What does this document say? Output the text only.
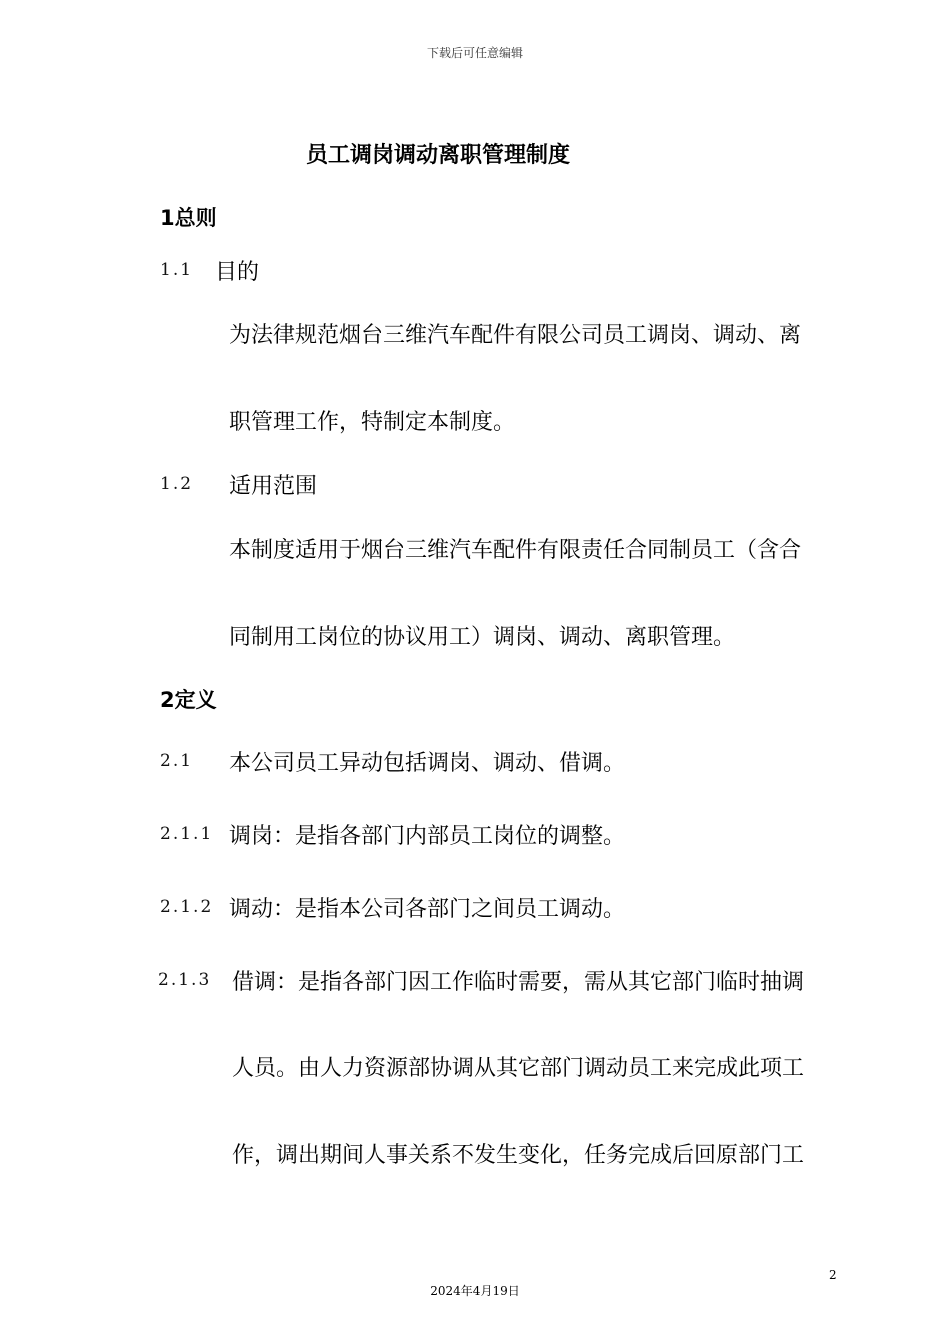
下载后可任意编辑
员工调岗调动离职管理制度
1总则
1.1 目的
为法律规范烟台三维汽车配件有限公司员工调岗、调动、离
职管理工作，特制定本制度。
1.2 适用范围
本制度适用于烟台三维汽车配件有限责任合同制员工（含合
同制用工岗位的协议用工）调岗、调动、离职管理。
2定义
2.1 本公司员工异动包括调岗、调动、借调。
2.1.1 调岗：是指各部门内部员工岗位的调整。
2.1.2 调动：是指本公司各部门之间员工调动。
2.1.3 借调：是指各部门因工作临时需要，需从其它部门临时抽调
人员。由人力资源部协调从其它部门调动员工来完成此项工
作，调出期间人事关系不发生变化，任务完成后回原部门工
2
2024年4月19日
